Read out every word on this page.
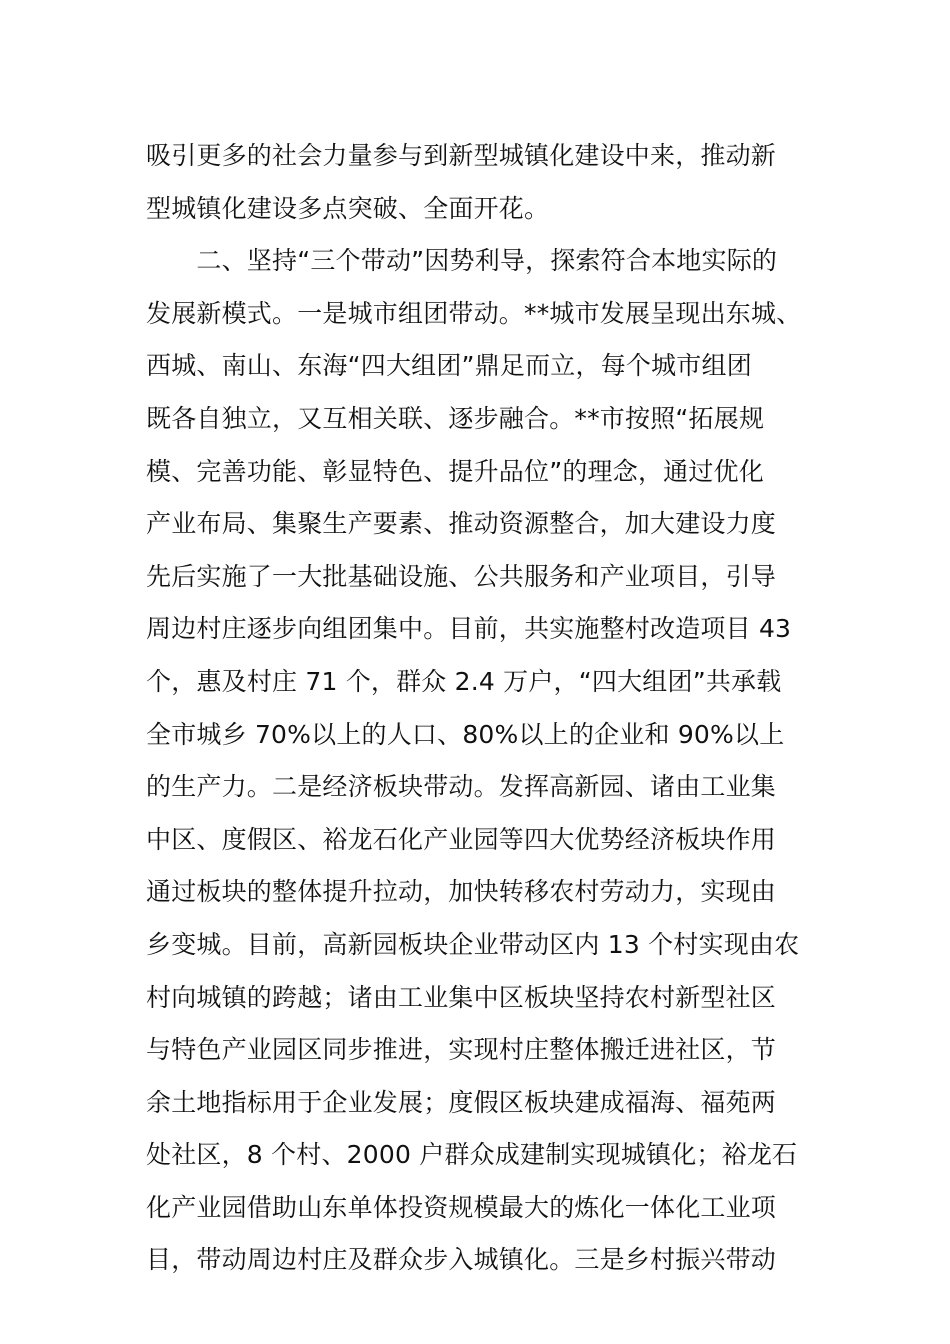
吸引更多的社会力量参与到新型城镇化建设中来，推动新
型城镇化建设多点突破、全面开花。
　　二、坚持“三个带动”因势利导，探索符合本地实际的
发展新模式。一是城市组团带动。**城市发展呈现出东城、
西城、南山、东海“四大组团”鼎足而立，每个城市组团
既各自独立，又互相关联、逐步融合。**市按照“拓展规
模、完善功能、彰显特色、提升品位”的理念，通过优化
产业布局、集聚生产要素、推动资源整合，加大建设力度
先后实施了一大批基础设施、公共服务和产业项目，引导
周边村庄逐步向组团集中。目前，共实施整村改造项目 43
个，惠及村庄 71 个，群众 2.4 万户，“四大组团”共承载
全市城乡 70%以上的人口、80%以上的企业和 90%以上
的生产力。二是经济板块带动。发挥高新园、诸由工业集
中区、度假区、裕龙石化产业园等四大优势经济板块作用
通过板块的整体提升拉动，加快转移农村劳动力，实现由
乡变城。目前，高新园板块企业带动区内 13 个村实现由农
村向城镇的跨越；诸由工业集中区板块坚持农村新型社区
与特色产业园区同步推进，实现村庄整体搬迁进社区，节
余土地指标用于企业发展；度假区板块建成福海、福苑两
处社区，8 个村、2000 户群众成建制实现城镇化；裕龙石
化产业园借助山东单体投资规模最大的炼化一体化工业项
目，带动周边村庄及群众步入城镇化。三是乡村振兴带动
